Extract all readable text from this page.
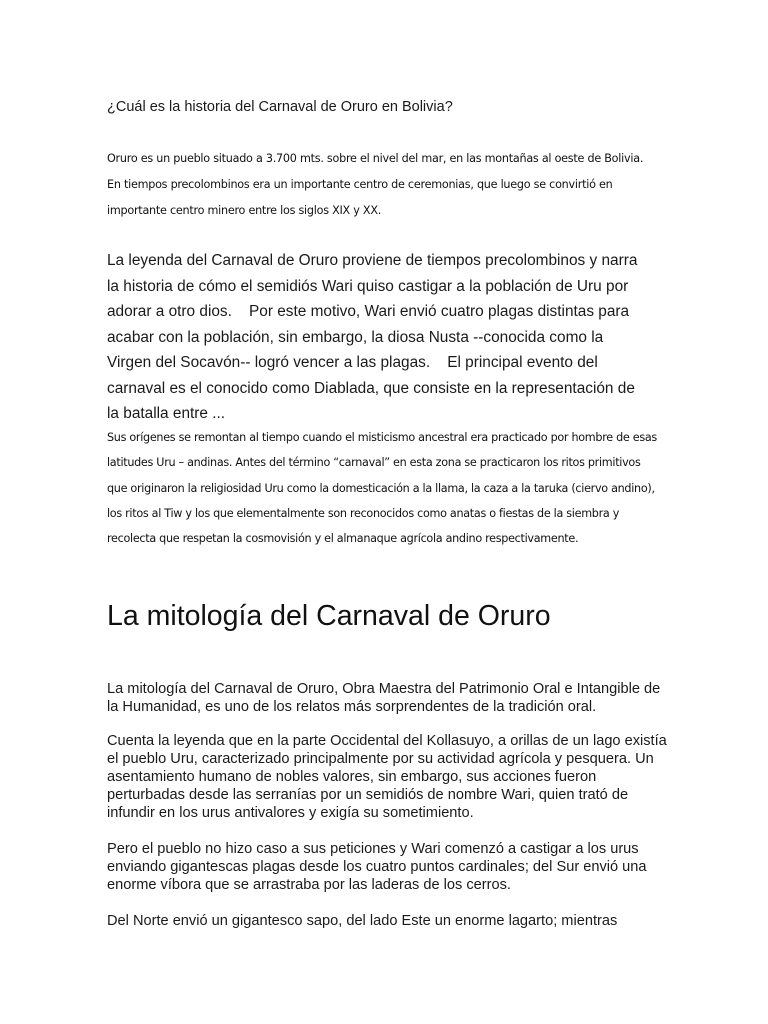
¿Cuál es la historia del Carnaval de Oruro en Bolivia?

Oruro es un pueblo situado a 3.700 mts. sobre el nivel del mar, en las montañas al oeste de Bolivia. En tiempos precolombinos era un importante centro de ceremonias, que luego se convirtió en importante centro minero entre los siglos XIX y XX.

La leyenda del Carnaval de Oruro proviene de tiempos precolombinos y narra la historia de cómo el semidiós Wari quiso castigar a la población de Uru por adorar a otro dios.    Por este motivo, Wari envió cuatro plagas distintas para acabar con la población, sin embargo, la diosa Nusta --conocida como la Virgen del Socavón-- logró vencer a las plagas.    El principal evento del carnaval es el conocido como Diablada, que consiste en la representación de la batalla entre ...

Sus orígenes se remontan al tiempo cuando el misticismo ancestral era practicado por hombre de esas latitudes Uru – andinas. Antes del término “carnaval” en esta zona se practicaron los ritos primitivos que originaron la religiosidad Uru como la domesticación a la llama, la caza a la taruka (ciervo andino), los ritos al Tiw y los que elementalmente son reconocidos como anatas o fiestas de la siembra y recolecta que respetan la cosmovisión y el almanaque agrícola andino respectivamente.

La mitología del Carnaval de Oruro

La mitología del Carnaval de Oruro, Obra Maestra del Patrimonio Oral e Intangible de la Humanidad, es uno de los relatos más sorprendentes de la tradición oral.

Cuenta la leyenda que en la parte Occidental del Kollasuyo, a orillas de un lago existía el pueblo Uru, caracterizado principalmente por su actividad agrícola y pesquera. Un asentamiento humano de nobles valores, sin embargo, sus acciones fueron perturbadas desde las serranías por un semidiós de nombre Wari, quien trató de infundir en los urus antivalores y exigía su sometimiento.

Pero el pueblo no hizo caso a sus peticiones y Wari comenzó a castigar a los urus enviando gigantescas plagas desde los cuatro puntos cardinales; del Sur envió una enorme víbora que se arrastraba por las laderas de los cerros.

Del Norte envió un gigantesco sapo, del lado Este un enorme lagarto; mientras
